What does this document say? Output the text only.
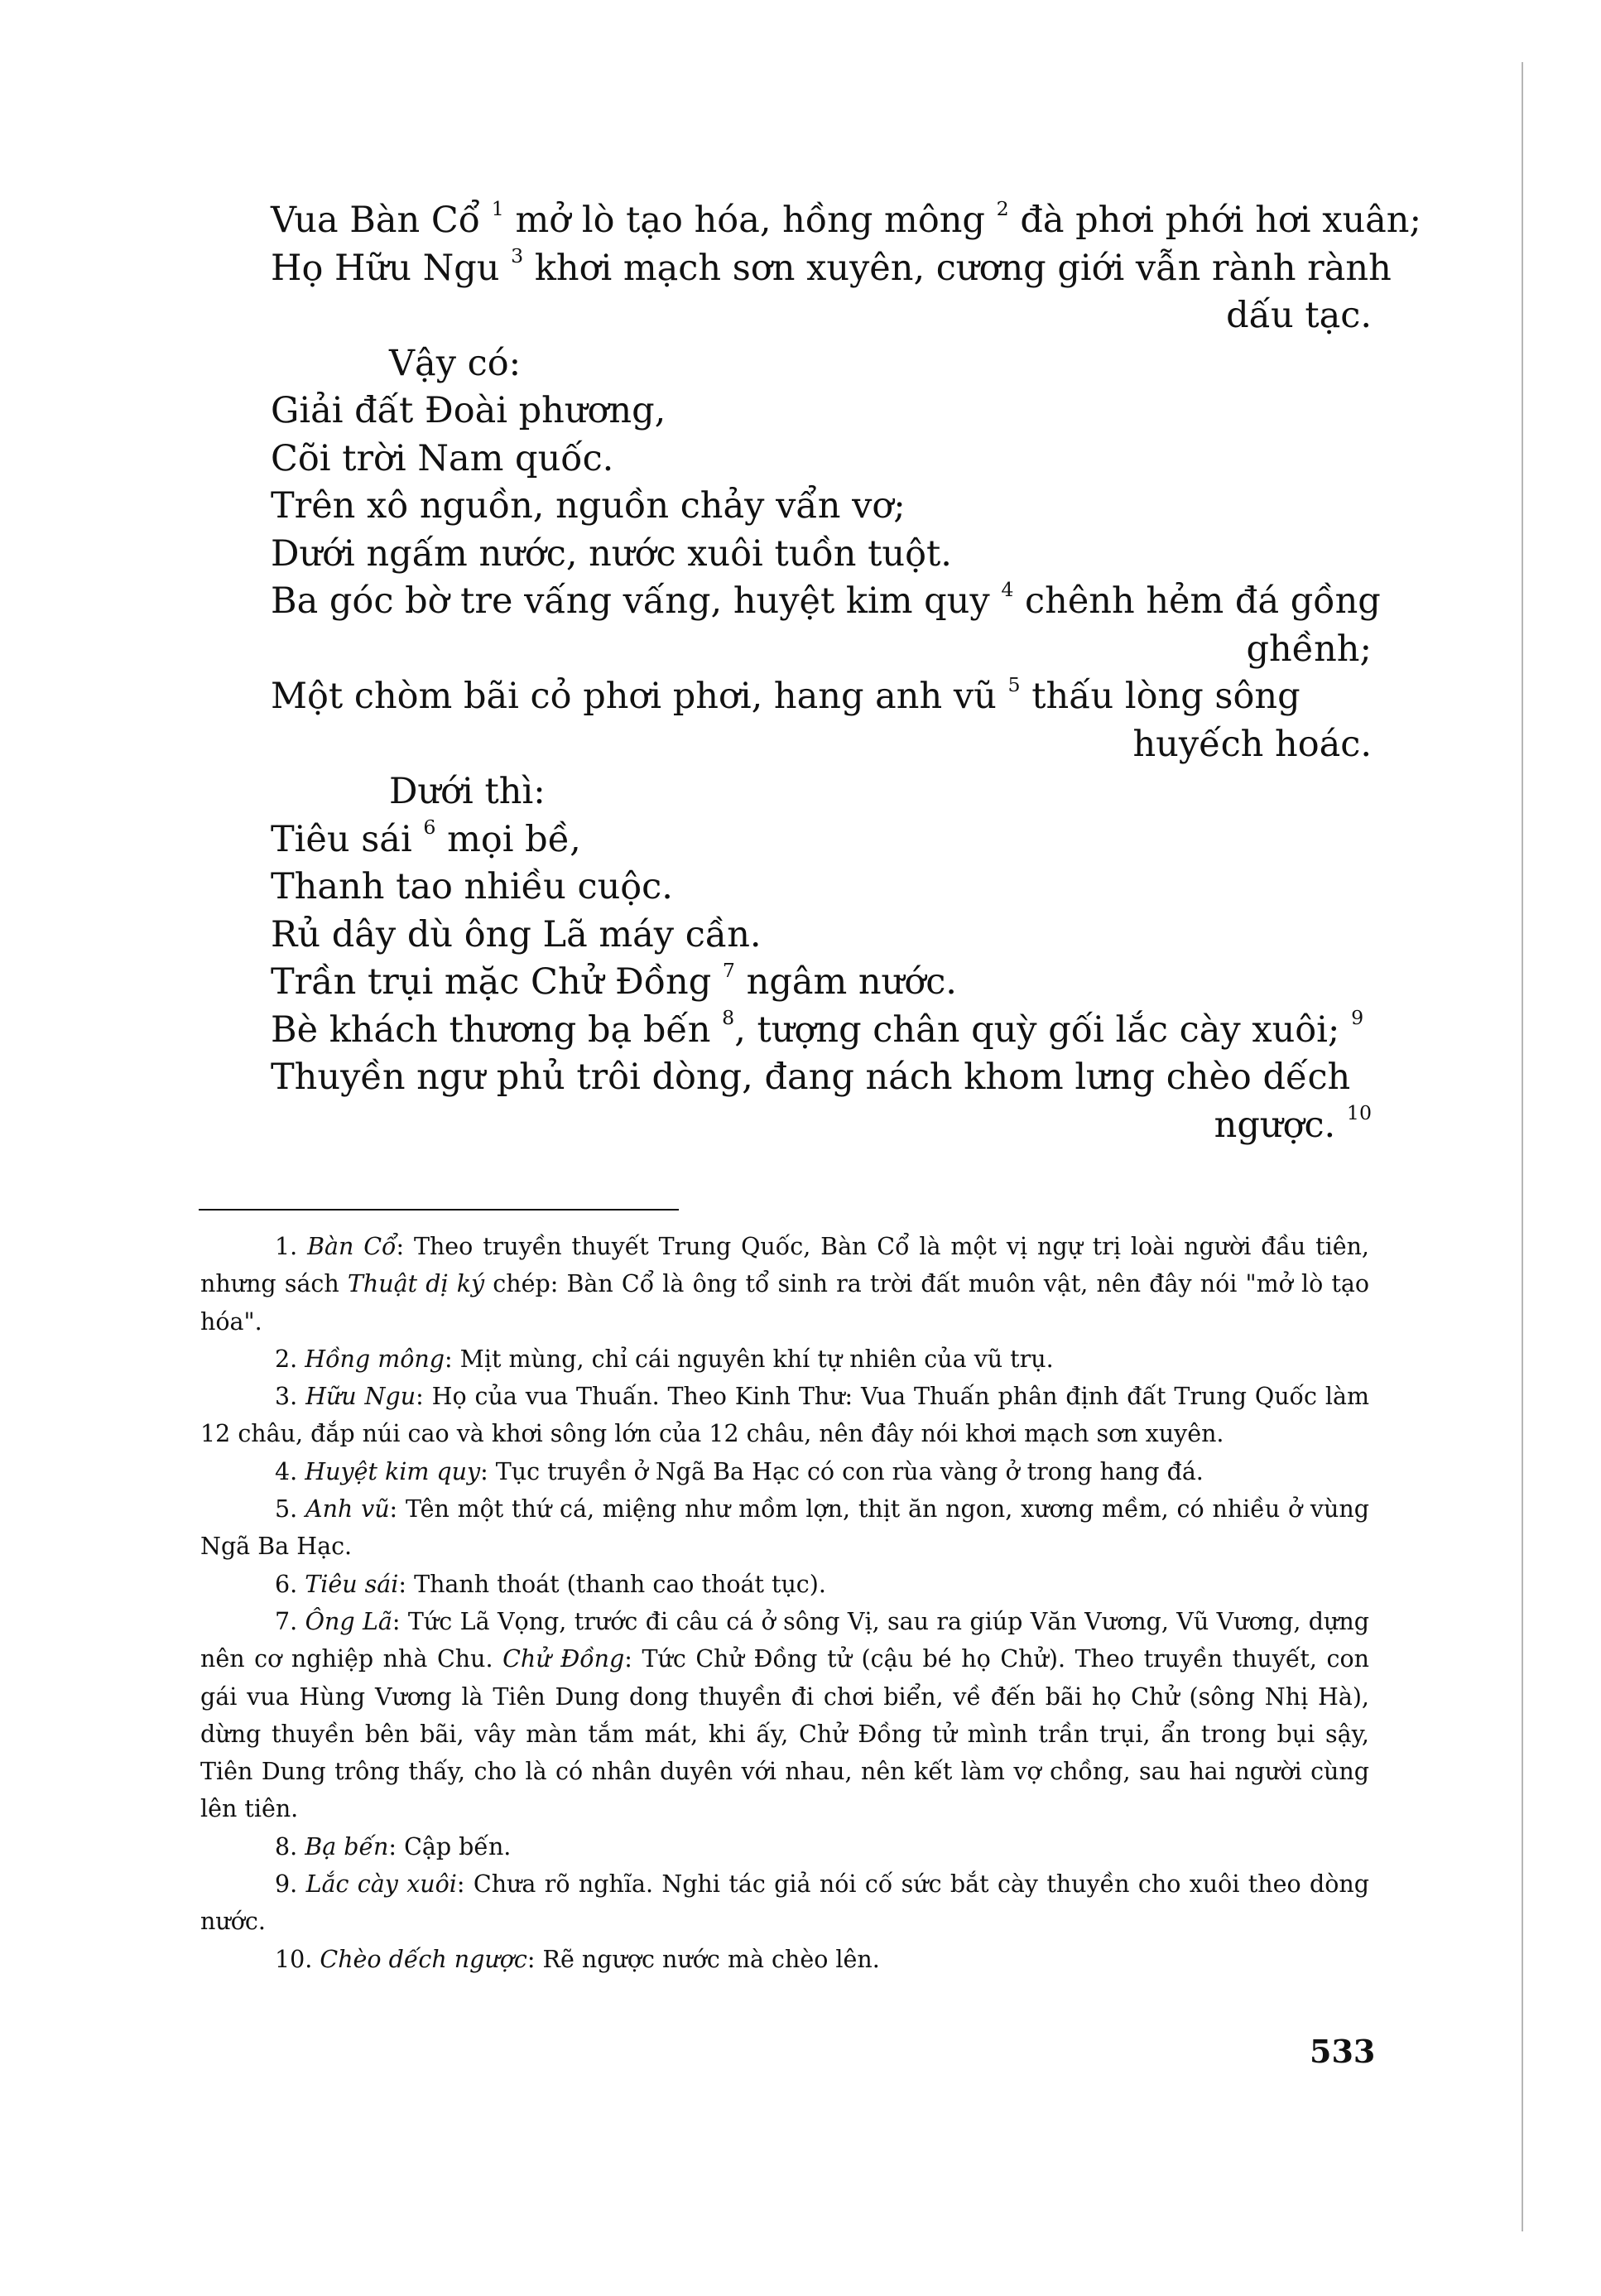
Vua Bàn Cổ $^1$ mở lò tạo hóa, hồng mông $^2$ đà phơi phới hơi xuân;
Họ Hữu Ngu $^3$ khơi mạch sơn xuyên, cương giới vẫn rành rành
dấu tạc.
Vậy có:
Giải đất Đoài phương,
Cõi trời Nam quốc.
Trên xô nguồn, nguồn chảy vẩn vơ;
Dưới ngấm nước, nước xuôi tuồn tuột.
Ba góc bờ tre vấng vấng, huyệt kim quy $^4$ chênh hẻm đá gồng
ghềnh;
Một chòm bãi cỏ phơi phơi, hang anh vũ $^5$ thấu lòng sông
huyếch hoác.
Dưới thì:
Tiêu sái $^6$ mọi bề,
Thanh tao nhiều cuộc.
Rủ dây dù ông Lã máy cần.
Trần trụi mặc Chử Đồng $^7$ ngâm nước.
Bè khách thương bạ bến $^8$, tượng chân quỳ gối lắc cày xuôi; $^9$
Thuyền ngư phủ trôi dòng, đang nách khom lưng chèo dếch
ngược. $^{10}$

1. Bàn Cổ: Theo truyền thuyết Trung Quốc, Bàn Cổ là một vị ngự trị loài người đầu tiên, nhưng sách Thuật dị ký chép: Bàn Cổ là ông tổ sinh ra trời đất muôn vật, nên đây nói "mở lò tạo hóa".

2. Hồng mông: Mịt mùng, chỉ cái nguyên khí tự nhiên của vũ trụ.

3. Hữu Ngu: Họ của vua Thuấn. Theo Kinh Thư: Vua Thuấn phân định đất Trung Quốc làm 12 châu, đắp núi cao và khơi sông lớn của 12 châu, nên đây nói khơi mạch sơn xuyên.

4. Huyệt kim quy: Tục truyền ở Ngã Ba Hạc có con rùa vàng ở trong hang đá.

5. Anh vũ: Tên một thứ cá, miệng như mồm lợn, thịt ăn ngon, xương mềm, có nhiều ở vùng Ngã Ba Hạc.

6. Tiêu sái: Thanh thoát (thanh cao thoát tục).

7. Ông Lã: Tức Lã Vọng, trước đi câu cá ở sông Vị, sau ra giúp Văn Vương, Vũ Vương, dựng nên cơ nghiệp nhà Chu. Chử Đồng: Tức Chử Đồng tử (cậu bé họ Chử). Theo truyền thuyết, con gái vua Hùng Vương là Tiên Dung dong thuyền đi chơi biển, về đến bãi họ Chử (sông Nhị Hà), dừng thuyền bên bãi, vây màn tắm mát, khi ấy, Chử Đồng tử mình trần trụi, ẩn trong bụi sậy, Tiên Dung trông thấy, cho là có nhân duyên với nhau, nên kết làm vợ chồng, sau hai người cùng lên tiên.

8. Bạ bến: Cập bến.

9. Lắc cày xuôi: Chưa rõ nghĩa. Nghi tác giả nói cố sức bắt cày thuyền cho xuôi theo dòng nước.

10. Chèo dếch ngược: Rẽ ngược nước mà chèo lên.

533
